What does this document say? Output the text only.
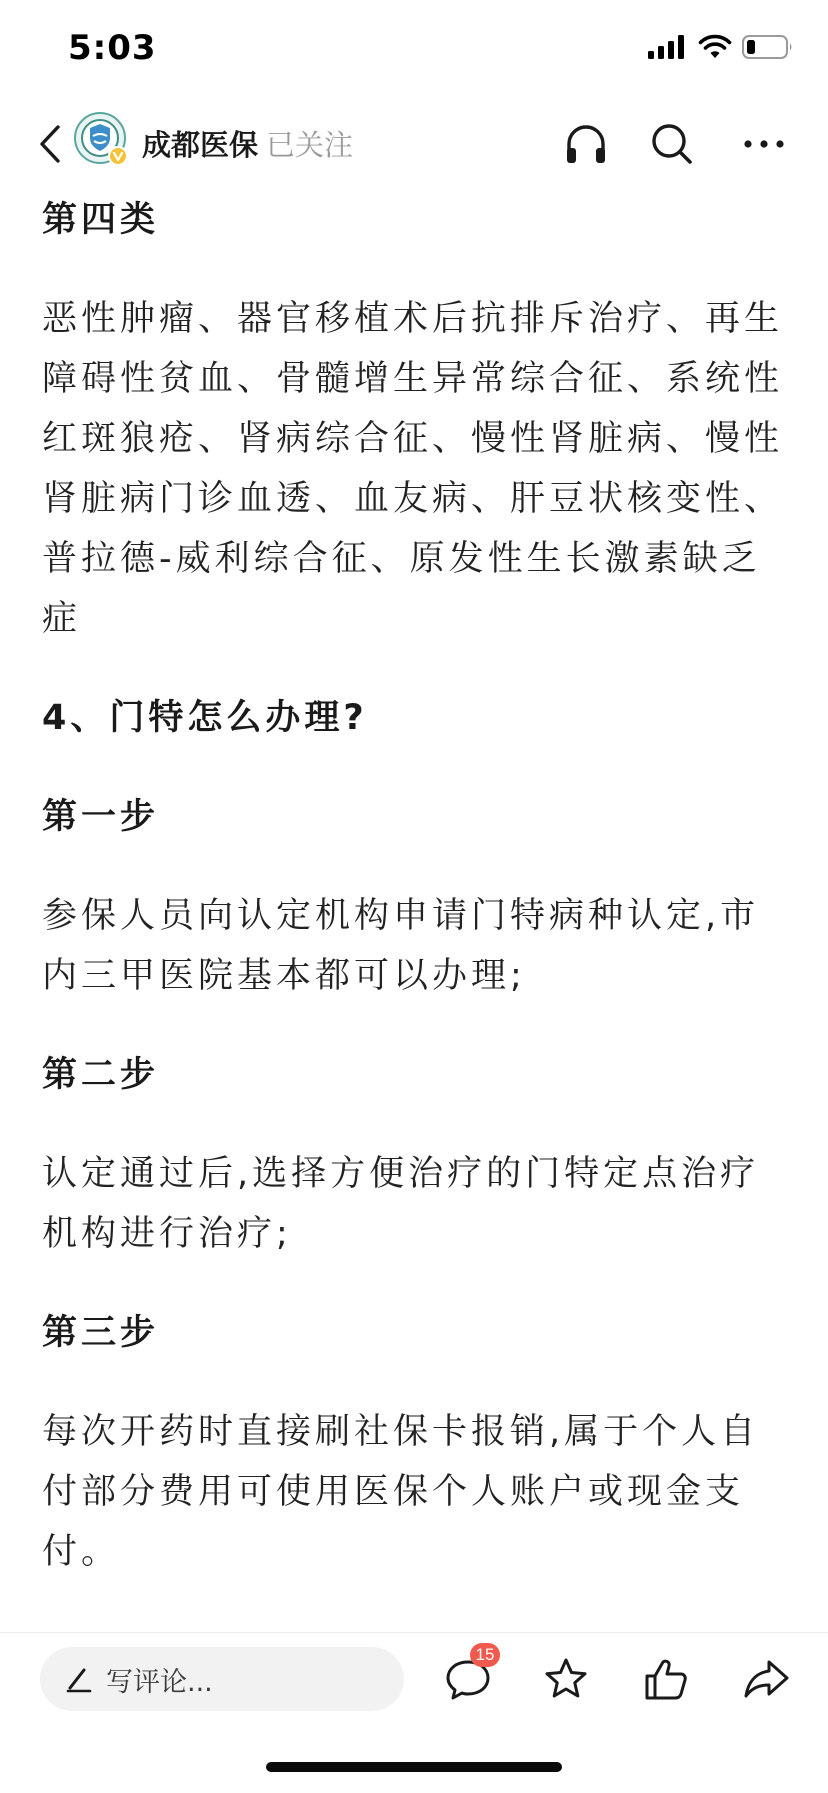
5:03
成都医保 已关注

第四类

恶性肿瘤、器官移植术后抗排斥治疗、再生障碍性贫血、骨髓增生异常综合征、系统性红斑狼疮、肾病综合征、慢性肾脏病、慢性肾脏病门诊血透、血友病、肝豆状核变性、普拉德-威利综合征、原发性生长激素缺乏症

4、门特怎么办理?

第一步

参保人员向认定机构申请门特病种认定,市内三甲医院基本都可以办理;

第二步

认定通过后,选择方便治疗的门特定点治疗机构进行治疗;

第三步

每次开药时直接刷社保卡报销,属于个人自付部分费用可使用医保个人账户或现金支付。

写评论...
15
